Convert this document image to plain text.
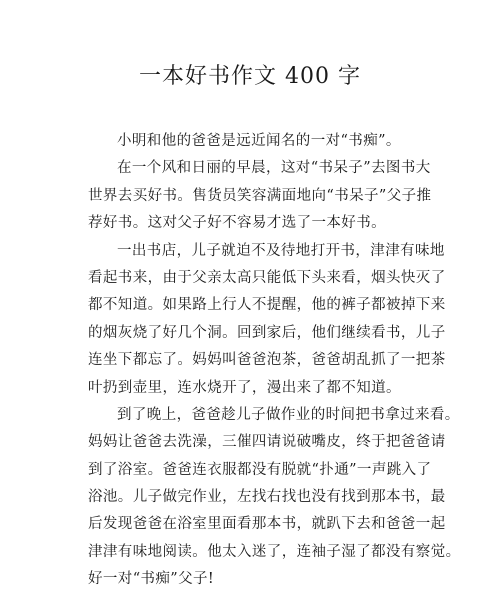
一本好书作文 400 字
小明和他的爸爸是远近闻名的一对“书痴”。
在一个风和日丽的早晨，这对“书呆子”去图书大
世界去买好书。售货员笑容满面地向“书呆子”父子推
荐好书。这对父子好不容易才选了一本好书。
一出书店，儿子就迫不及待地打开书，津津有味地
看起书来，由于父亲太高只能低下头来看，烟头快灭了
都不知道。如果路上行人不提醒，他的裤子都被掉下来
的烟灰烧了好几个洞。回到家后，他们继续看书，儿子
连坐下都忘了。妈妈叫爸爸泡茶，爸爸胡乱抓了一把茶
叶扔到壶里，连水烧开了，漫出来了都不知道。
到了晚上，爸爸趁儿子做作业的时间把书拿过来看。
妈妈让爸爸去洗澡，三催四请说破嘴皮，终于把爸爸请
到了浴室。爸爸连衣服都没有脱就“扑通”一声跳入了
浴池。儿子做完作业，左找右找也没有找到那本书，最
后发现爸爸在浴室里面看那本书，就趴下去和爸爸一起
津津有味地阅读。他太入迷了，连袖子湿了都没有察觉。
好一对“书痴”父子!
